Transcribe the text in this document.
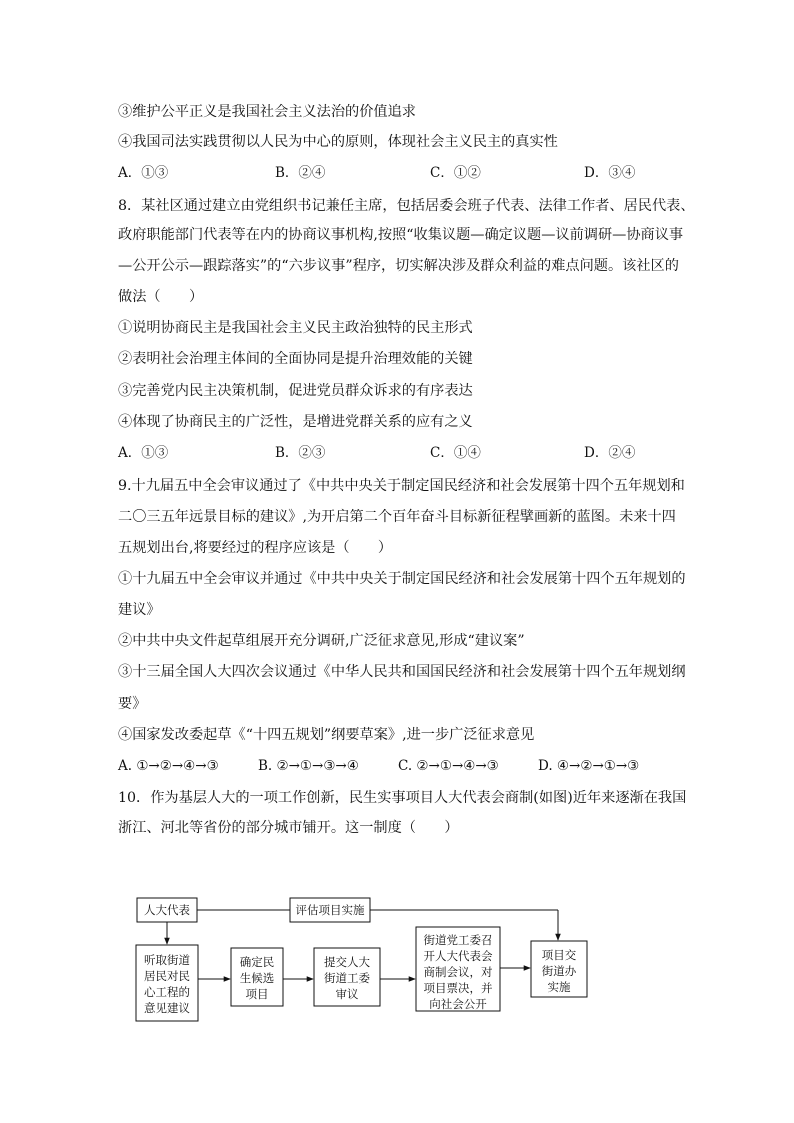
③维护公平正义是我国社会主义法治的价值追求
④我国司法实践贯彻以人民为中心的原则，体现社会主义民主的真实性
A．①③	B．②④	C．①②	D．③④
8．某社区通过建立由党组织书记兼任主席，包括居委会班子代表、法律工作者、居民代表、
政府职能部门代表等在内的协商议事机构,按照“收集议题—确定议题—议前调研—协商议事
—公开公示—跟踪落实”的“六步议事”程序，切实解决涉及群众利益的难点问题。该社区的
做法（　　）
①说明协商民主是我国社会主义民主政治独特的民主形式
②表明社会治理主体间的全面协同是提升治理效能的关键
③完善党内民主决策机制，促进党员群众诉求的有序表达
④体现了协商民主的广泛性，是增进党群关系的应有之义
A．①③	B．②③	C．①④	D．②④
9.十九届五中全会审议通过了《中共中央关于制定国民经济和社会发展第十四个五年规划和
二〇三五年远景目标的建议》,为开启第二个百年奋斗目标新征程擘画新的蓝图。未来十四
五规划出台,将要经过的程序应该是（　　）
①十九届五中全会审议并通过《中共中央关于制定国民经济和社会发展第十四个五年规划的
建议》
②中共中央文件起草组展开充分调研,广泛征求意见,形成“建议案”
③十三届全国人大四次会议通过《中华人民共和国国民经济和社会发展第十四个五年规划纲
要》
④国家发改委起草《“十四五规划”纲要草案》,进一步广泛征求意见
A. ①→②→④→③	B. ②→①→③→④	C. ②→①→④→③	D. ④→②→①→③
10．作为基层人大的一项工作创新，民生实事项目人大代表会商制(如图)近年来逐渐在我国
浙江、河北等省份的部分城市铺开。这一制度（　　）
人大代表	评估项目实施
听取街道
居民对民
心工程的
意见建议
确定民
生候选
项目
提交人大
街道工委
审议
街道党工委召
开人大代表会
商制会议，对
项目票决，并
向社会公开
项目交
街道办
实施
